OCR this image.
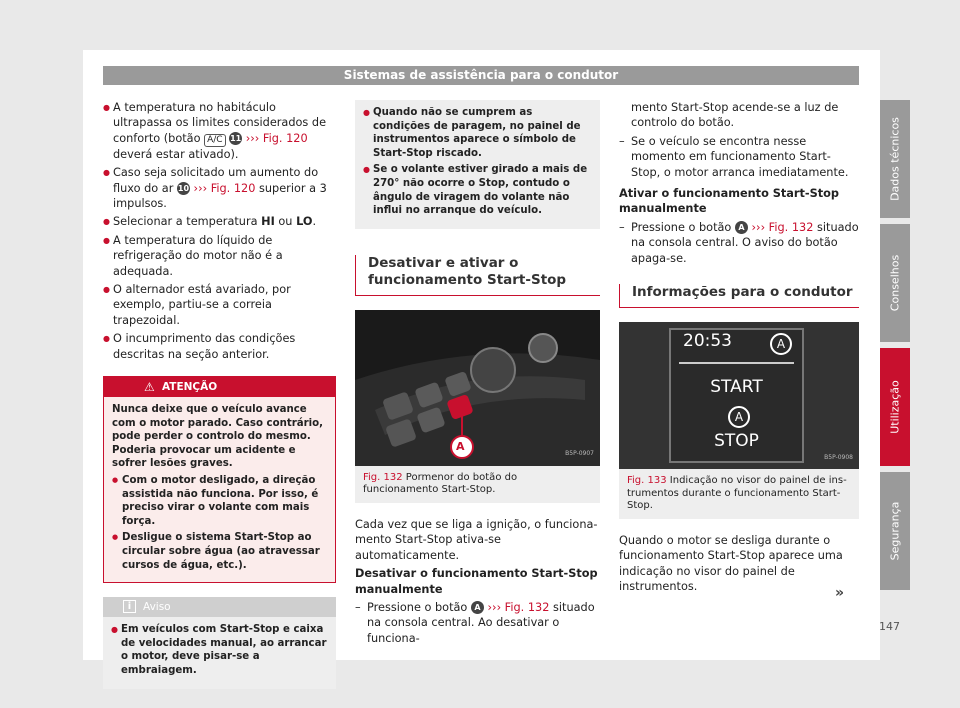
Sistemas de assistência para o condutor
● A temperatura no habitáculo ultrapassa os limites considerados de conforto (botão A/C 11 ››› Fig. 120 deverá estar ativado).
● Caso seja solicitado um aumento do fluxo do ar 10 ››› Fig. 120 superior a 3 impulsos.
● Selecionar a temperatura HI ou LO.
● A temperatura do líquido de refrigeração do motor não é a adequada.
● O alternador está avariado, por exemplo, partiu-se a correia trapezoidal.
● O incumprimento das condições descritas na seção anterior.
⚠ ATENÇÃO

Nunca deixe que o veículo avance com o motor parado. Caso contrário, pode perder o controlo do mesmo. Poderia provocar um acidente e sofrer lesões graves.

● Com o motor desligado, a direção assistida não funciona. Por isso, é preciso virar o volante com mais força.
● Desligue o sistema Start-Stop ao circular sobre água (ao atravessar cursos de água, etc.).
i	Aviso
● Em veículos com Start-Stop e caixa de velocidades manual, ao arrancar o motor, deve pisar-se a embraiagem.
● Quando não se cumprem as condições de paragem, no painel de instrumentos aparece o símbolo de Start-Stop riscado.
● Se o volante estiver girado a mais de 270° não ocorre o Stop, contudo o ângulo de viragem do volante não influi no arranque do veículo.
Desativar e ativar o funcionamento Start-Stop
A
B5P-0907
Fig. 132 Pormenor do botão do funcionamento Start-Stop.

Cada vez que se liga a ignição, o funcionamento Start-Stop ativa-se automaticamente.

Desativar o funcionamento Start-Stop manualmente

– Pressione o botão A ››› Fig. 132 situado na consola central. Ao desativar o funciona-
mento Start-Stop acende-se a luz de controlo do botão.
– Se o veículo se encontra nesse momento em funcionamento Start-Stop, o motor arranca imediatamente.

Ativar o funcionamento Start-Stop manualmente

– Pressione o botão A ››› Fig. 132 situado na consola central. O aviso do botão apaga-se.
Informações para o condutor
20:53	A
START
A
STOP
B5P-0908
Fig. 133 Indicação no visor do painel de instrumentos durante o funcionamento Start-Stop.

Quando o motor se desliga durante o funcionamento Start-Stop aparece uma indicação no visor do painel de instrumentos.	»
Dados técnicos
Conselhos
Utilização
Segurança
147
